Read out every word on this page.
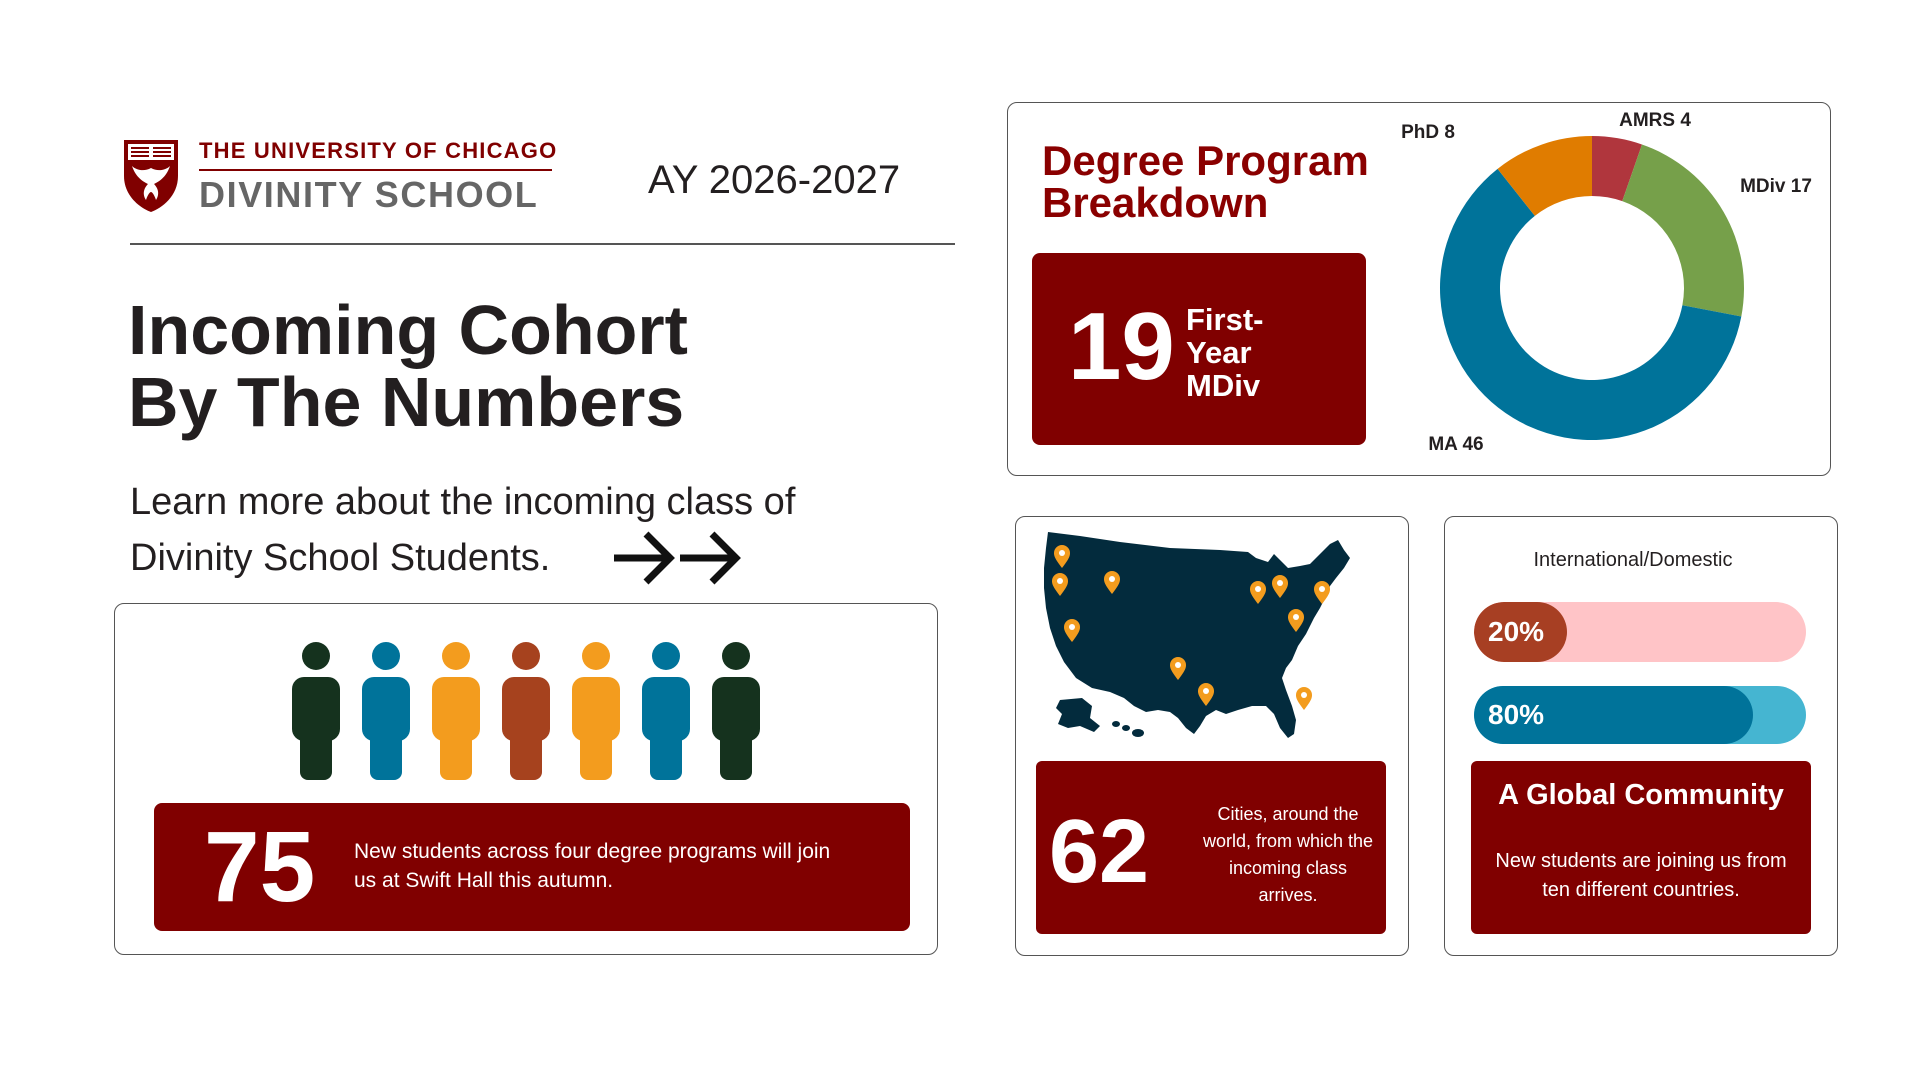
THE UNIVERSITY OF CHICAGO
DIVINITY SCHOOL	AY 2026-2027
Incoming Cohort
By The Numbers
Learn more about the incoming class of
Divinity School Students.
75 New students across four degree programs will join us at Swift Hall this autumn.
Degree Program
Breakdown
19 First-
Year
MDiv
AMRS 4
MDiv 17
MA 46
PhD 8
62	Cities, around the world, from which the incoming class arrives.
International/Domestic
20%
80%
A Global Community
New students are joining us from ten different countries.
